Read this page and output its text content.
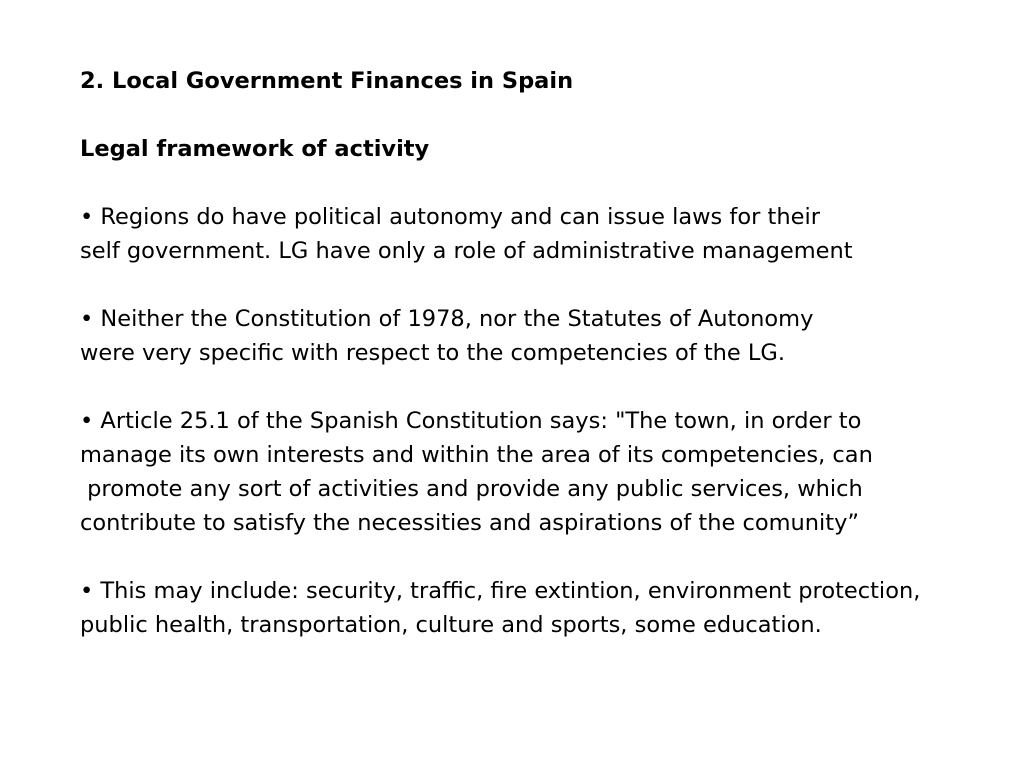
2. Local Government Finances in Spain

Legal framework of activity

• Regions do have political autonomy and can issue laws for their

self government. LG have only a role of administrative management

• Neither the Constitution of 1978, nor the Statutes of Autonomy

were very specific with respect to the competencies of the LG.

• Article 25.1 of the Spanish Constitution says: "The town, in order to

manage its own interests and within the area of its competencies, can

promote any sort of activities and provide any public services, which

contribute to satisfy the necessities and aspirations of the comunity”

• This may include: security, traffic, fire extintion, environment protection,

public health, transportation, culture and sports, some education.
